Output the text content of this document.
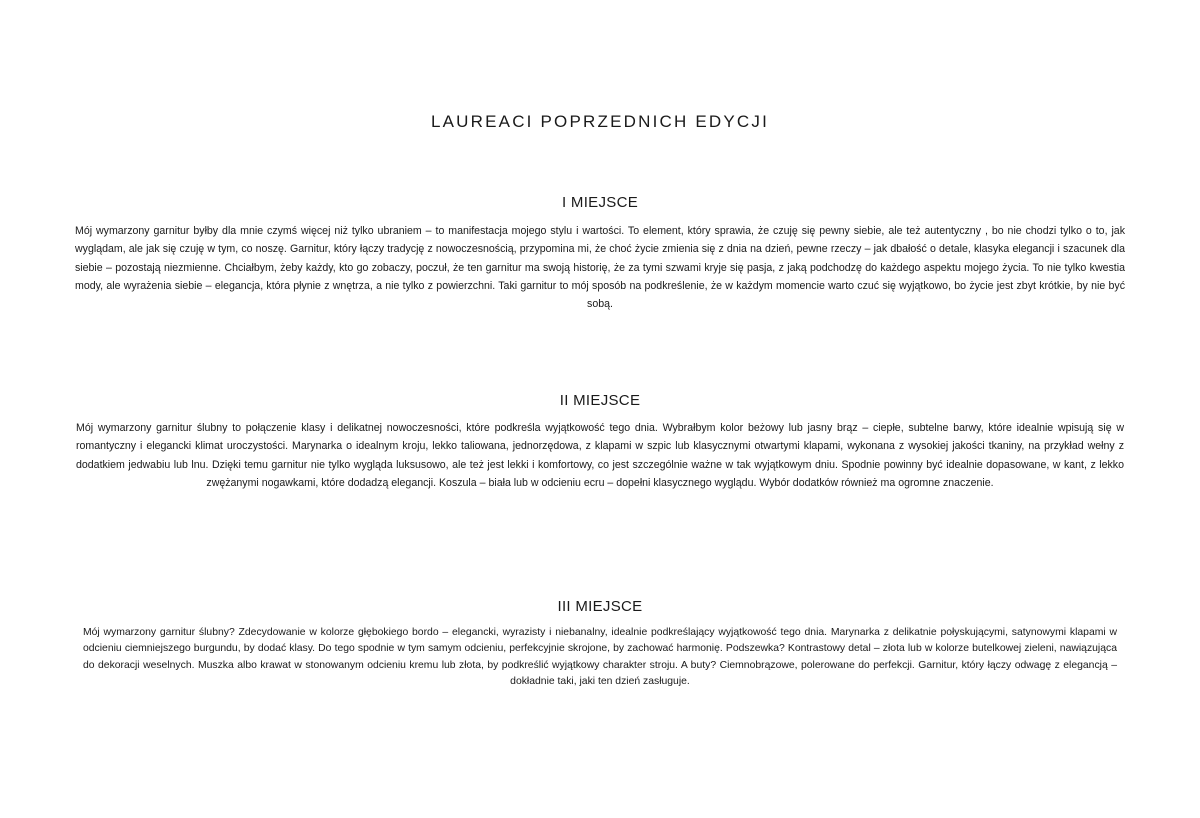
LAUREACI POPRZEDNICH EDYCJI
I MIEJSCE

Mój wymarzony garnitur byłby dla mnie czymś więcej niż tylko ubraniem – to manifestacja mojego stylu i wartości. To element, który sprawia, że czuję się pewny siebie, ale też autentyczny , bo nie chodzi tylko o to, jak wyglądam, ale jak się czuję w tym, co noszę. Garnitur, który łączy tradycję z nowoczesnością, przypomina mi, że choć życie zmienia się z dnia na dzień, pewne rzeczy – jak dbałość o detale, klasyka elegancji i szacunek dla siebie – pozostają niezmienne. Chciałbym, żeby każdy, kto go zobaczy, poczuł, że ten garnitur ma swoją historię, że za tymi szwami kryje się pasja, z jaką podchodzę do każdego aspektu mojego życia. To nie tylko kwestia mody, ale wyrażenia siebie – elegancja, która płynie z wnętrza, a nie tylko z powierzchni. Taki garnitur to mój sposób na podkreślenie, że w każdym momencie warto czuć się wyjątkowo, bo życie jest zbyt krótkie, by nie być sobą.

II MIEJSCE

Mój wymarzony garnitur ślubny to połączenie klasy i delikatnej nowoczesności, które podkreśla wyjątkowość tego dnia. Wybrałbym kolor beżowy lub jasny brąz – ciepłe, subtelne barwy, które idealnie wpisują się w romantyczny i elegancki klimat uroczystości. Marynarka o idealnym kroju, lekko taliowana, jednorzędowa, z klapami w szpic lub klasycznymi otwartymi klapami, wykonana z wysokiej jakości tkaniny, na przykład wełny z dodatkiem jedwabiu lub lnu. Dzięki temu garnitur nie tylko wygląda luksusowo, ale też jest lekki i komfortowy, co jest szczególnie ważne w tak wyjątkowym dniu. Spodnie powinny być idealnie dopasowane, w kant, z lekko zwężanymi nogawkami, które dodadzą elegancji. Koszula – biała lub w odcieniu ecru – dopełni klasycznego wyglądu. Wybór dodatków również ma ogromne znaczenie.

III MIEJSCE

Mój wymarzony garnitur ślubny? Zdecydowanie w kolorze głębokiego bordo – elegancki, wyrazisty i niebanalny, idealnie podkreślający wyjątkowość tego dnia. Marynarka z delikatnie połyskującymi, satynowymi klapami w odcieniu ciemniejszego burgundu, by dodać klasy. Do tego spodnie w tym samym odcieniu, perfekcyjnie skrojone, by zachować harmonię. Podszewka? Kontrastowy detal – złota lub w kolorze butelkowej zieleni, nawiązująca do dekoracji weselnych. Muszka albo krawat w stonowanym odcieniu kremu lub złota, by podkreślić wyjątkowy charakter stroju. A buty? Ciemnobrązowe, polerowane do perfekcji. Garnitur, który łączy odwagę z elegancją – dokładnie taki, jaki ten dzień zasługuje.
